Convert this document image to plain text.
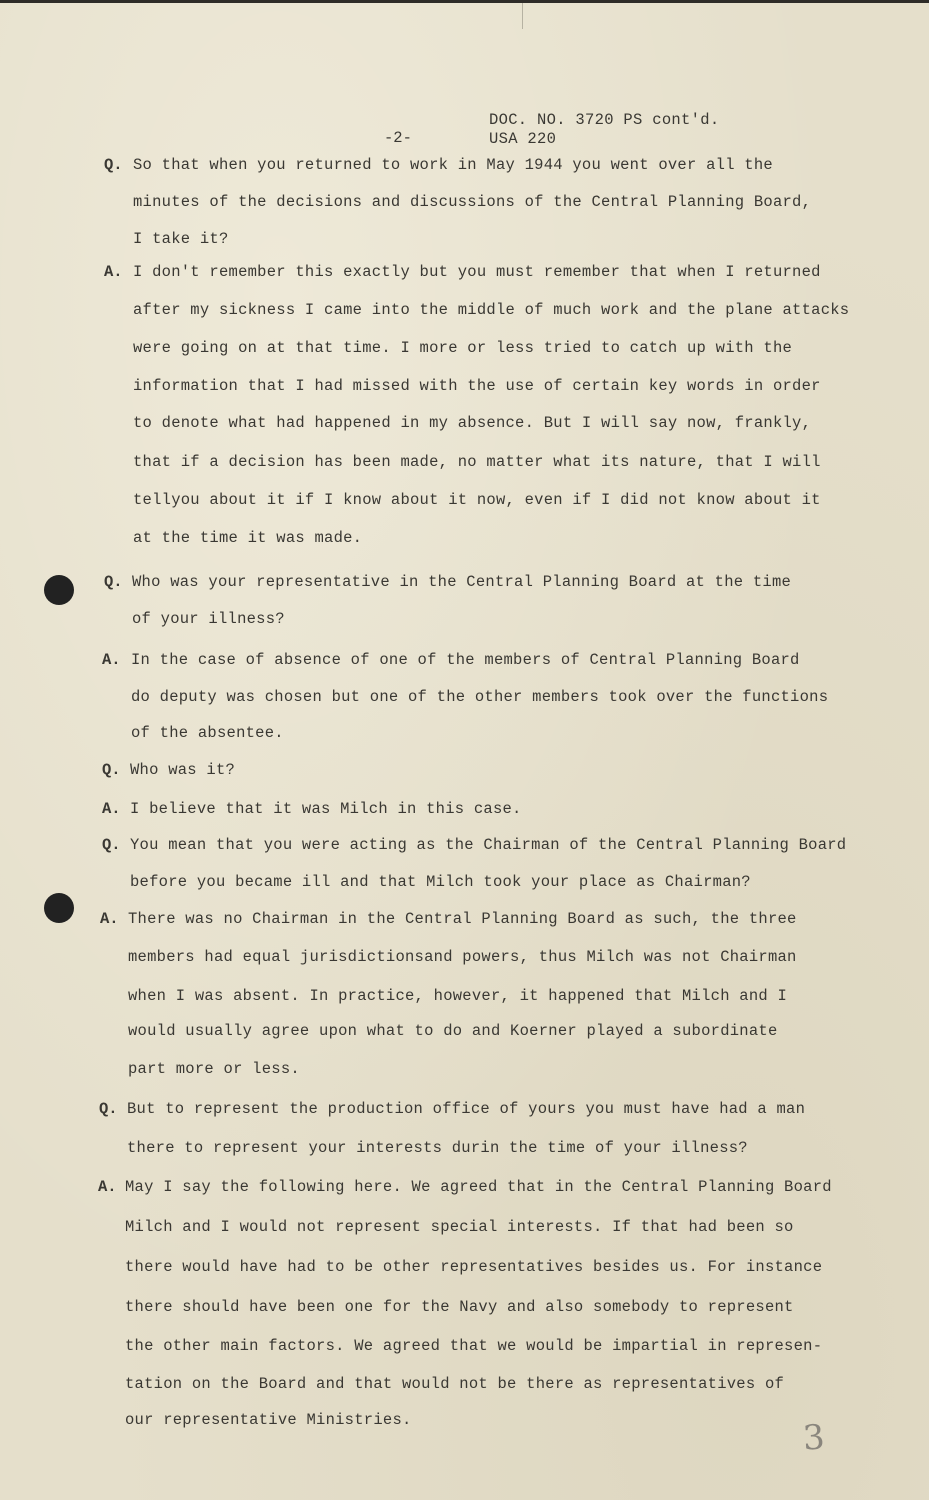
DOC. NO. 3720 PS cont'd.
USA 220
-2-
Q. So that when you returned to work in May 1944 you went over all the
minutes of the decisions and discussions of the Central Planning Board,
I take it?
A. I don't remember this exactly but you must remember that when I returned
after my sickness I came into the middle of much work and the plane attacks
were going on at that time. I more or less tried to catch up with the
information that I had missed with the use of certain key words in order
to denote what had happened in my absence. But I will say now, frankly,
that if a decision has been made, no matter what its nature, that I will
tellyou about it if I know about it now, even if I did not know about it
at the time it was made.
Q. Who was your representative in the Central Planning Board at the time
of your illness?
A. In the case of absence of one of the members of Central Planning Board
do deputy was chosen but one of the other members took over the functions
of the absentee.
Q. Who was it?
A. I believe that it was Milch in this case.
Q. You mean that you were acting as the Chairman of the Central Planning Board
before you became ill and that Milch took your place as Chairman?
A. There was no Chairman in the Central Planning Board as such, the three
members had equal jurisdictionsand powers, thus Milch was not Chairman
when I was absent. In practice, however, it happened that Milch and I
would usually agree upon what to do and Koerner played a subordinate
part more or less.
Q. But to represent the production office of yours you must have had a man
there to represent your interests durin the time of your illness?
A. May I say the following here. We agreed that in the Central Planning Board
Milch and I would not represent special interests. If that had been so
there would have had to be other representatives besides us. For instance
there should have been one for the Navy and also somebody to represent
the other main factors. We agreed that we would be impartial in represen-
tation on the Board and that would not be there as representatives of
our representative Ministries.	3
